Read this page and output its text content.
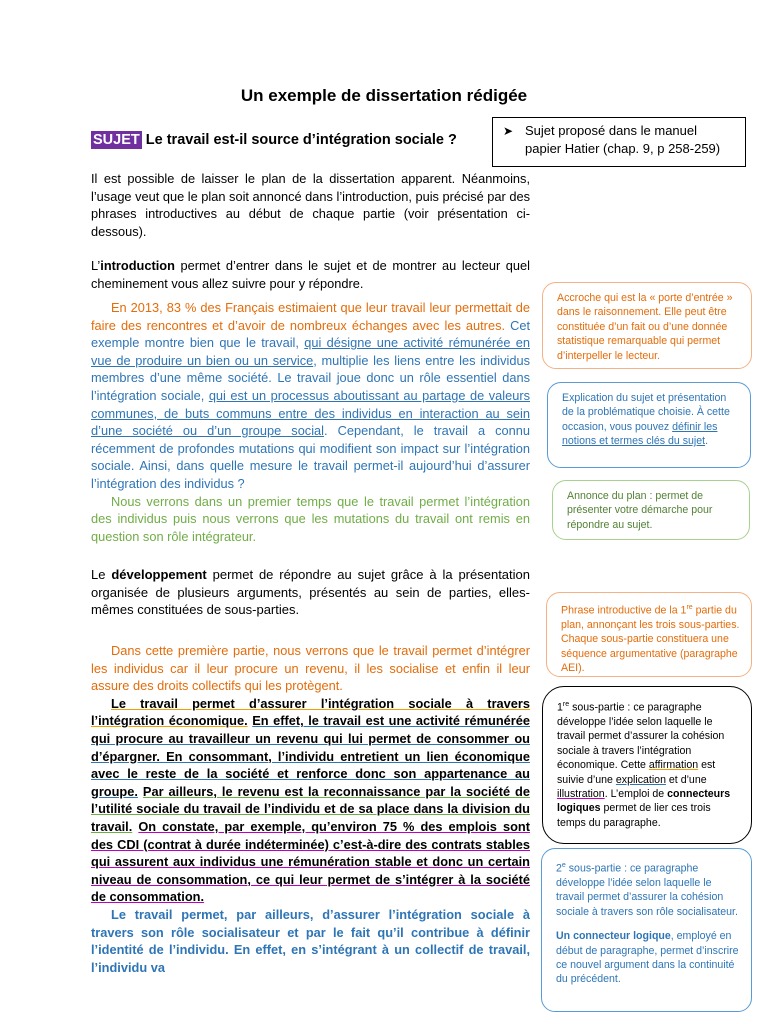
Un exemple de dissertation rédigée
SUJET Le travail est-il source d’intégration sociale ?
➤ Sujet proposé dans le manuel
papier Hatier (chap. 9, p 258-259)

Il est possible de laisser le plan de la dissertation apparent. Néanmoins, l’usage veut que le plan soit annoncé dans l’introduction, puis précisé par des phrases introductives au début de chaque partie (voir présentation ci-dessous).

L’introduction permet d’entrer dans le sujet et de montrer au lecteur quel cheminement vous allez suivre pour y répondre.

En 2013, 83 % des Français estimaient que leur travail leur permettait de faire des rencontres et d’avoir de nombreux échanges avec les autres. Cet exemple montre bien que le travail, qui désigne une activité rémunérée en vue de produire un bien ou un service, multiplie les liens entre les individus membres d’une même société. Le travail joue donc un rôle essentiel dans l’intégration sociale, qui est un processus aboutissant au partage de valeurs communes, de buts communs entre des individus en interaction au sein d’une société ou d’un groupe social. Cependant, le travail a connu récemment de profondes mutations qui modifient son impact sur l’intégration sociale. Ainsi, dans quelle mesure le travail permet-il aujourd’hui d’assurer l’intégration des individus ?

Nous verrons dans un premier temps que le travail permet l’intégration des individus puis nous verrons que les mutations du travail ont remis en question son rôle intégrateur.

Le développement permet de répondre au sujet grâce à la présentation organisée de plusieurs arguments, présentés au sein de parties, elles-mêmes constituées de sous-parties.

Dans cette première partie, nous verrons que le travail permet d’intégrer les individus car il leur procure un revenu, il les socialise et enfin il leur assure des droits collectifs qui les protègent.

Le travail permet d’assurer l’intégration sociale à travers l’intégration économique. En effet, le travail est une activité rémunérée qui procure au travailleur un revenu qui lui permet de consommer ou d’épargner. En consommant, l’individu entretient un lien économique avec le reste de la société et renforce donc son appartenance au groupe. Par ailleurs, le revenu est la reconnaissance par la société de l’utilité sociale du travail de l’individu et de sa place dans la division du travail. On constate, par exemple, qu’environ 75 % des emplois sont des CDI (contrat à durée indéterminée) c’est-à-dire des contrats stables qui assurent aux individus une rémunération stable et donc un certain niveau de consommation, ce qui leur permet de s’intégrer à la société de consommation.

Le travail permet, par ailleurs, d’assurer l’intégration sociale à travers son rôle socialisateur et par le fait qu’il contribue à définir l’identité de l’individu. En effet, en s’intégrant à un collectif de travail, l’individu va

Accroche qui est la « porte d’entrée » dans le raisonnement. Elle peut être constituée d’un fait ou d’une donnée statistique remarquable qui permet d’interpeller le lecteur.
Explication du sujet et présentation de la problématique choisie. À cette occasion, vous pouvez définir les notions et termes clés du sujet.
Annonce du plan : permet de présenter votre démarche pour répondre au sujet.
Phrase introductive de la 1re partie du plan, annonçant les trois sous-parties. Chaque sous-partie constituera une séquence argumentative (paragraphe AEI).
1re sous-partie : ce paragraphe développe l’idée selon laquelle le travail permet d’assurer la cohésion sociale à travers l’intégration économique. Cette affirmation est suivie d’une explication et d’une illustration. L’emploi de connecteurs logiques permet de lier ces trois temps du paragraphe.
2e sous-partie : ce paragraphe développe l’idée selon laquelle le travail permet d’assurer la cohésion sociale à travers son rôle socialisateur.
Un connecteur logique, employé en début de paragraphe, permet d’inscrire ce nouvel argument dans la continuité du précédent.
